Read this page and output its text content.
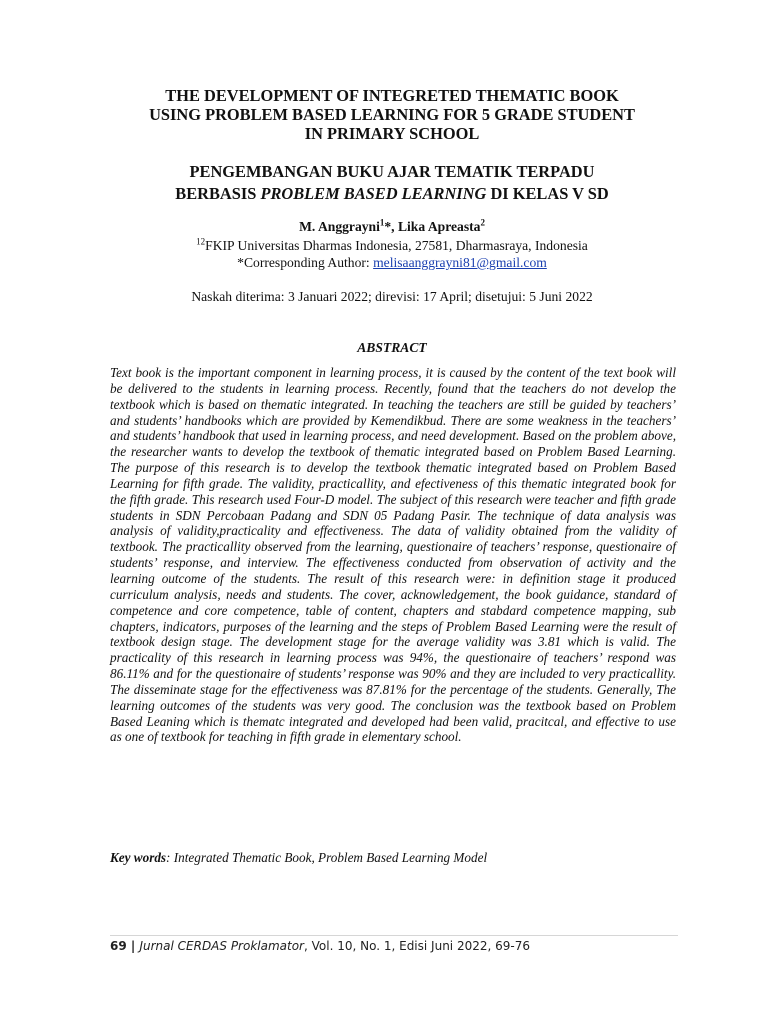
THE DEVELOPMENT OF INTEGRETED THEMATIC BOOK
USING PROBLEM BASED LEARNING FOR 5 GRADE STUDENT
IN PRIMARY SCHOOL
PENGEMBANGAN BUKU AJAR TEMATIK TERPADU
BERBASIS PROBLEM BASED LEARNING DI KELAS V SD
M. Anggrayni$^1$*, Lika Apreasta$^2$
$^{12}$FKIP Universitas Dharmas Indonesia, 27581, Dharmasraya, Indonesia
*Corresponding Author: melisaanggrayni81@gmail.com
Naskah diterima: 3 Januari 2022; direvisi: 17 April; disetujui: 5 Juni 2022
ABSTRACT
Text book is the important component in learning process, it is caused by the content of the text book will be delivered to the students in learning process. Recently, found that the teachers do not develop the textbook which is based on thematic integrated. In teaching the teachers are still be guided by teachers’ and students’ handbooks which are provided by Kemendikbud. There are some weakness in the teachers’ and students’ handbook that used in learning process, and need development. Based on the problem above, the researcher wants to develop the textbook of thematic integrated based on Problem Based Learning. The purpose of this research is to develop the textbook thematic integrated based on Problem Based Learning for fifth grade. The validity, practicallity, and efectiveness of this thematic integrated book for the fifth grade. This research used Four-D model. The subject of this research were teacher and fifth grade students in SDN Percobaan Padang and SDN 05 Padang Pasir. The technique of data analysis was analysis of validity,practicality and effectiveness. The data of validity obtained from the validity of textbook. The practicallity observed from the learning, questionaire of teachers’ response, questionaire of students’ response, and interview. The effectiveness conducted from observation of activity and the learning outcome of the students. The result of this research were: in definition stage it produced curriculum analysis, needs and students. The cover, acknowledgement, the book guidance, standard of competence and core competence, table of content, chapters and stabdard competence mapping, sub chapters, indicators, purposes of the learning and the steps of Problem Based Learning were the result of textbook design stage. The development stage for the average validity was 3.81 which is valid. The practicality of this research in learning process was 94%, the questionaire of teachers’ respond was 86.11% and for the questionaire of students’ response was 90% and they are included to very practicallity. The disseminate stage for the effectiveness was 87.81% for the percentage of the students. Generally, The learning outcomes of the students was very good. The conclusion was the textbook based on Problem Based Leaning which is thematc integrated and developed had been valid, pracitcal, and effective to use as one of textbook for teaching in fifth grade in elementary school.
Key words: Integrated Thematic Book, Problem Based Learning Model
69 | Jurnal CERDAS Proklamator, Vol. 10, No. 1, Edisi Juni 2022, 69-76
